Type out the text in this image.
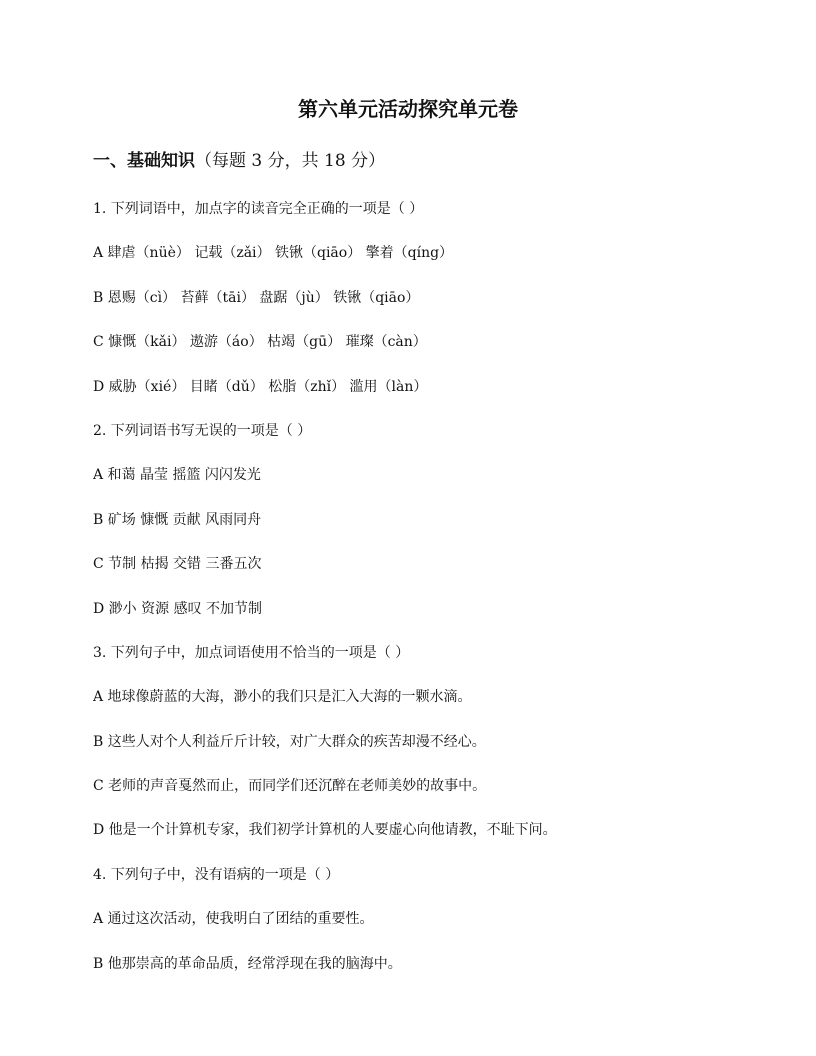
第六单元活动探究单元卷
一、基础知识（每题 3 分，共 18 分）
1. 下列词语中，加点字的读音完全正确的一项是（ ）
A 肆虐（nüè） 记载（zǎi） 铁锹（qiāo） 擎着（qíng）
B 恩赐（cì） 苔藓（tāi） 盘踞（jù） 铁锹（qiāo）
C 慷慨（kǎi） 遨游（áo） 枯竭（gū） 璀璨（càn）
D 威胁（xié） 目睹（dǔ） 松脂（zhǐ） 滥用（làn）
2. 下列词语书写无误的一项是（ ）
A 和蔼 晶莹 摇篮 闪闪发光
B 矿场 慷慨 贡献 风雨同舟
C 节制 枯揭 交错 三番五次
D 渺小 资源 感叹 不加节制
3. 下列句子中，加点词语使用不恰当的一项是（ ）
A 地球像蔚蓝的大海，渺小的我们只是汇入大海的一颗水滴。
B 这些人对个人利益斤斤计较，对广大群众的疾苦却漫不经心。
C 老师的声音戛然而止，而同学们还沉醉在老师美妙的故事中。
D 他是一个计算机专家，我们初学计算机的人要虚心向他请教，不耻下问。
4. 下列句子中，没有语病的一项是（ ）
A 通过这次活动，使我明白了团结的重要性。
B 他那崇高的革命品质，经常浮现在我的脑海中。
